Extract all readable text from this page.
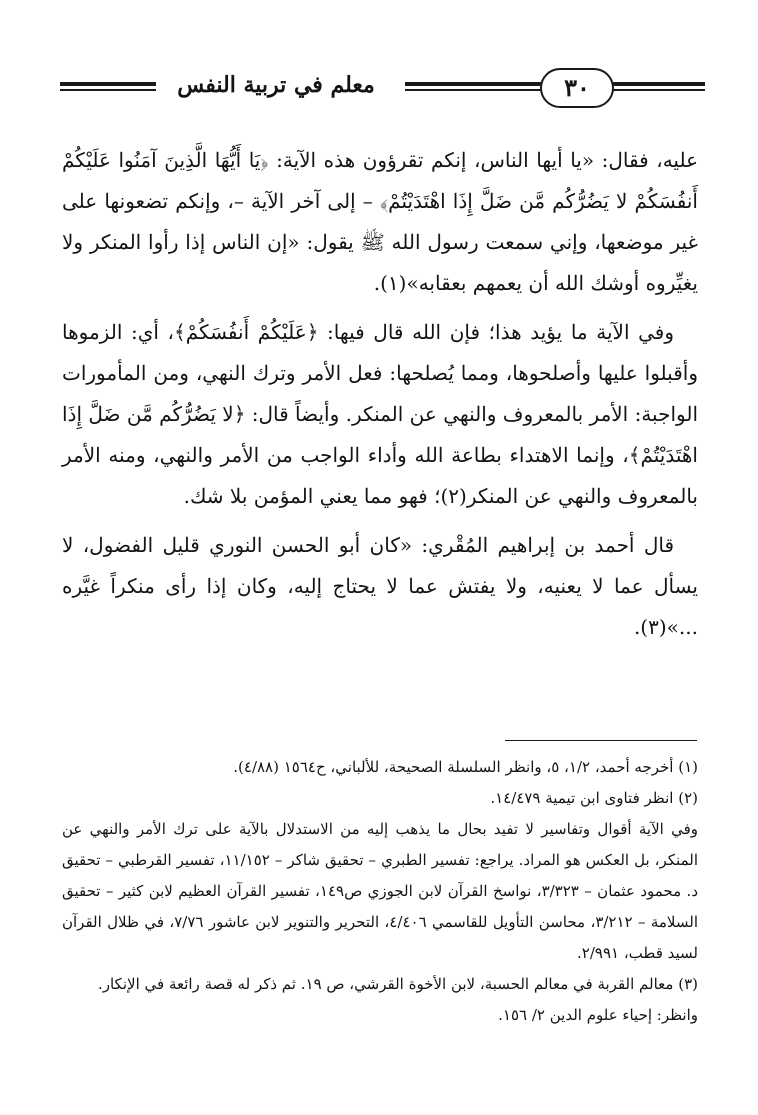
معلم في تربية النفس	٣٠

عليه، فقال: «يا أيها الناس، إنكم تقرؤون هذه الآية: ﴿يَا أَيُّهَا الَّذِينَ آمَنُوا عَلَيْكُمْ أَنفُسَكُمْ لا يَضُرُّكُم مَّن ضَلَّ إِذَا اهْتَدَيْتُمْ﴾ – إلى آخر الآية –، وإنكم تضعونها على غير موضعها، وإني سمعت رسول الله ﷺ يقول: «إن الناس إذا رأوا المنكر ولا يغيِّروه أوشك الله أن يعمهم بعقابه»(١).

وفي الآية ما يؤيد هذا؛ فإن الله قال فيها: ﴿عَلَيْكُمْ أَنفُسَكُمْ﴾، أي: الزموها وأقبلوا عليها وأصلحوها، ومما يُصلحها: فعل الأمر وترك النهي، ومن المأمورات الواجبة: الأمر بالمعروف والنهي عن المنكر. وأيضاً قال: ﴿لا يَضُرُّكُم مَّن ضَلَّ إِذَا اهْتَدَيْتُمْ﴾، وإنما الاهتداء بطاعة الله وأداء الواجب من الأمر والنهي، ومنه الأمر بالمعروف والنهي عن المنكر(٢)؛ فهو مما يعني المؤمن بلا شك.

قال أحمد بن إبراهيم المُقْري: «كان أبو الحسن النوري قليل الفضول، لا يسأل عما لا يعنيه، ولا يفتش عما لا يحتاج إليه، وكان إذا رأى منكراً غيَّره ...»(٣).

(١) أخرجه أحمد، ١/٢، ٥، وانظر السلسلة الصحيحة، للألباني، ح١٥٦٤ (٤/٨٨).

(٢) انظر فتاوى ابن تيمية ١٤/٤٧٩.

وفي الآية أقوال وتفاسير لا تفيد بحال ما يذهب إليه من الاستدلال بالآية على ترك الأمر والنهي عن المنكر، بل العكس هو المراد. يراجع: تفسير الطبري – تحقيق شاكر – ١١/١٥٢، تفسير القرطبي – تحقيق د. محمود عثمان – ٣/٣٢٣، نواسخ القرآن لابن الجوزي ص١٤٩، تفسير القرآن العظيم لابن كثير – تحقيق السلامة – ٣/٢١٢، محاسن التأويل للقاسمي ٤/٤٠٦، التحرير والتنوير لابن عاشور ٧/٧٦، في ظلال القرآن لسيد قطب، ٢/٩٩١.

(٣) معالم القربة في معالم الحسبة، لابن الأخوة القرشي، ص ١٩. ثم ذكر له قصة رائعة في الإنكار.

وانظر: إحياء علوم الدين ٢/ ١٥٦.
